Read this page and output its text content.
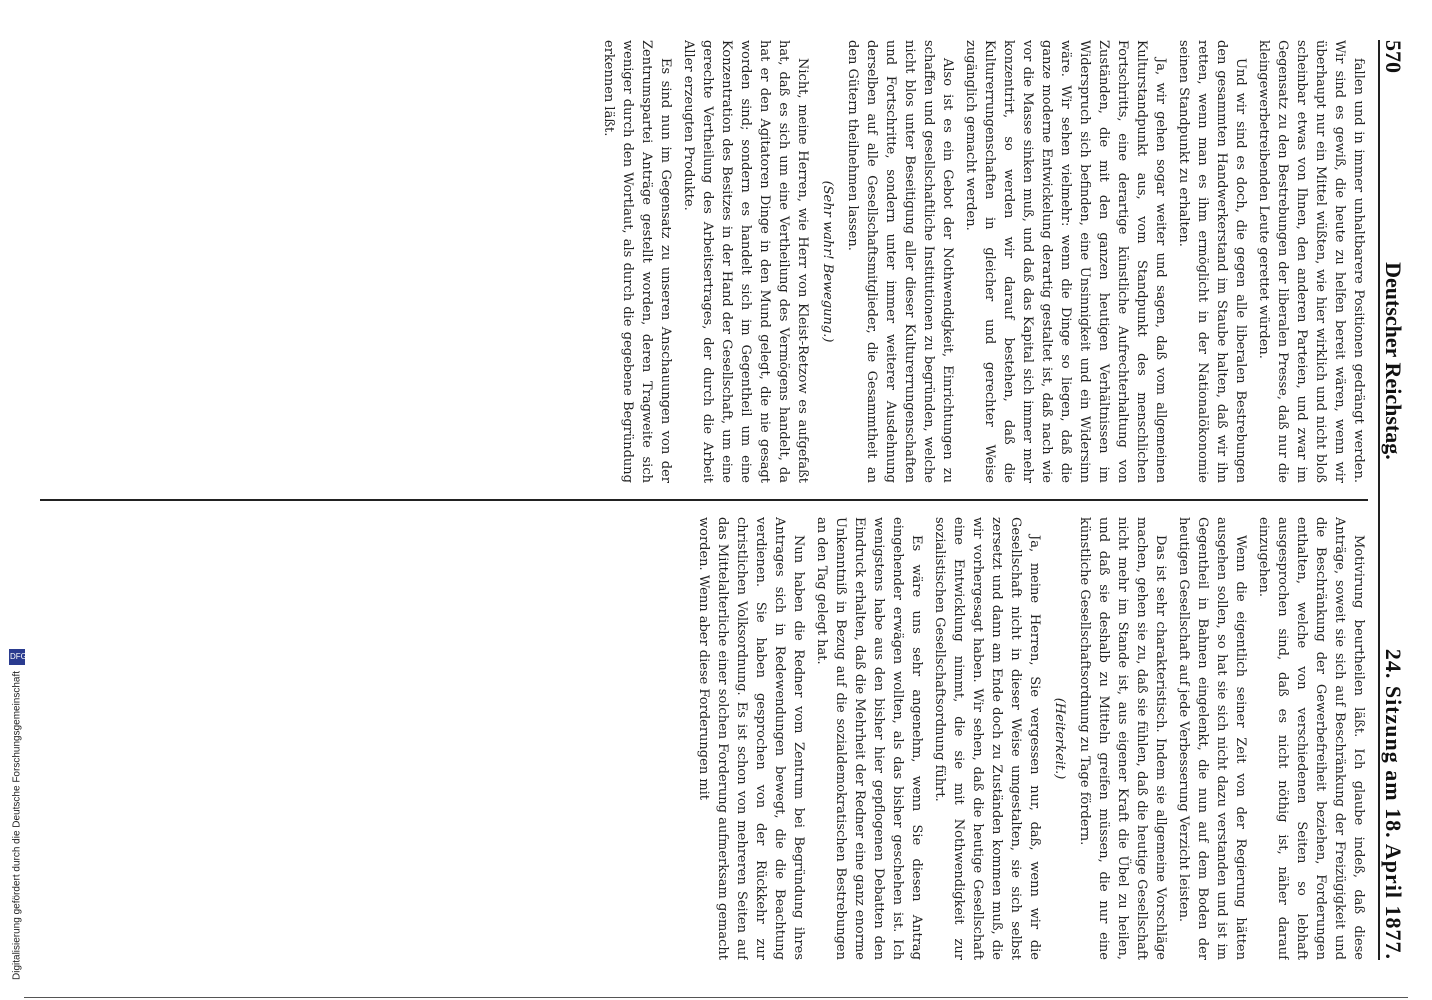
570
Deutscher Reichstag.
24. Sitzung am 18. April 1877.

fallen und in immer unhaltbarere Positionen gedrängt werden. Wir sind es gewiß, die heute zu helfen bereit wären, wenn wir überhaupt nur ein Mittel wüßten, wie hier wirklich und nicht bloß scheinbar etwas von Ihnen, den anderen Parteien, und zwar im Gegensatz zu den Bestrebungen der liberalen Presse, daß nur die kleingewerbetreibenden Leute gerettet würden.

Und wir sind es doch, die gegen alle liberalen Bestrebungen den gesammten Handwerkerstand im Staube halten, daß wir ihn retten, wenn man es ihm ermöglicht in der Nationalökonomie seinen Standpunkt zu erhalten.

Ja, wir gehen sogar weiter und sagen, daß vom allgemeinen Kulturstandpunkt aus, vom Standpunkt des menschlichen Fortschritts, eine derartige künstliche Aufrechterhaltung von Zuständen, die mit den ganzen heutigen Verhältnissen im Widerspruch sich befinden, eine Unsinnigkeit und ein Widersinn wäre. Wir sehen vielmehr: wenn die Dinge so liegen, daß die ganze moderne Entwickelung derartig gestaltet ist, daß nach wie vor die Masse sinken muß, und daß das Kapital sich immer mehr konzentrirt, so werden wir darauf bestehen, daß die Kulturerrungenschaften in gleicher und gerechter Weise zugänglich gemacht werden.

Also ist es ein Gebot der Nothwendigkeit, Einrichtungen zu schaffen und gesellschaftliche Institutionen zu begründen, welche nicht blos unter Beseitigung aller dieser Kulturerrungenschaften und Fortschritte, sondern unter immer weiterer Ausdehnung derselben auf alle Gesellschaftsmitglieder, die Gesammtheit an den Gütern theilnehmen lassen.

(Sehr wahr! Bewegung.)

Nicht, meine Herren, wie Herr von Kleist-Retzow es aufgefaßt hat, daß es sich um eine Vertheilung des Vermögens handelt, da hat er den Agitatoren Dinge in den Mund gelegt, die nie gesagt worden sind; sondern es handelt sich im Gegentheil um eine Konzentration des Besitzes in der Hand der Gesellschaft, um eine gerechte Vertheilung des Arbeitsertrages, der durch die Arbeit Aller erzeugten Produkte.

Es sind nun im Gegensatz zu unseren Anschauungen von der Zentrumspartei Anträge gestellt worden, deren Tragweite sich weniger durch den Wortlaut, als durch die gegebene Begründung erkennen läßt.

Motivirung beurtheilen läßt. Ich glaube indeß, daß diese Anträge, soweit sie sich auf Beschränkung der Freizügigkeit und die Beschränkung der Gewerbefreiheit beziehen, Forderungen enthalten, welche von verschiedenen Seiten so lebhaft ausgesprochen sind, daß es nicht nöthig ist, näher darauf einzugehen.

Wenn die eigentlich seiner Zeit von der Regierung hätten ausgehen sollen, so hat sie sich nicht dazu verstanden und ist im Gegentheil in Bahnen eingelenkt, die nun auf dem Boden der heutigen Gesellschaft auf jede Verbesserung Verzicht leisten.

Das ist sehr charakteristisch. Indem sie allgemeine Vorschläge machen, gehen sie zu, daß sie fühlen, daß die heutige Gesellschaft nicht mehr im Stande ist, aus eigener Kraft die Übel zu heilen, und daß sie deshalb zu Mitteln greifen müssen, die nur eine künstliche Gesellschaftsordnung zu Tage fördern.

(Heiterkeit.)

Ja, meine Herren, Sie vergessen nur, daß, wenn wir die Gesellschaft nicht in dieser Weise umgestalten, sie sich selbst zersetzt und dann am Ende doch zu Zuständen kommen muß, die wir vorhergesagt haben. Wir sehen, daß die heutige Gesellschaft eine Entwicklung nimmt, die sie mit Nothwendigkeit zur sozialistischen Gesellschaftsordnung führt.

Es wäre uns sehr angenehm, wenn Sie diesen Antrag eingehender erwägen wollten, als das bisher geschehen ist. Ich wenigstens habe aus den bisher hier gepflogenen Debatten den Eindruck erhalten, daß die Mehrheit der Redner eine ganz enorme Unkenntniß in Bezug auf die sozialdemokratischen Bestrebungen an den Tag gelegt hat.

Nun haben die Redner vom Zentrum bei Begründung ihres Antrages sich in Redewendungen bewegt, die die Beachtung verdienen. Sie haben gesprochen von der Rückkehr zur christlichen Volksordnung. Es ist schon von mehreren Seiten auf das Mittelalterliche einer solchen Forderung aufmerksam gemacht worden. Wenn aber diese Forderungen mit

Digitalisierung gefördert durch die Deutsche Forschungsgemeinschaft
DFG
